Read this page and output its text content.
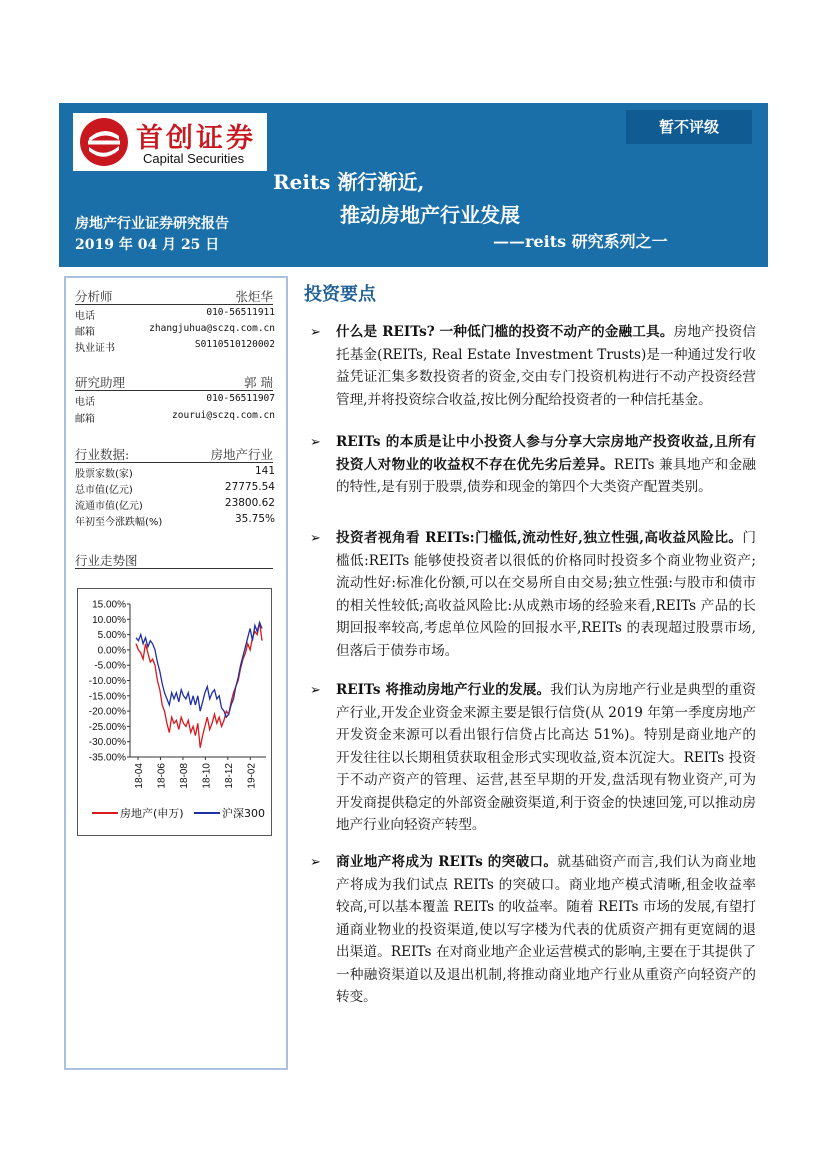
首创证券
Capital Securities
暂不评级
Reits 渐行渐近,
推动房地产行业发展
——reits 研究系列之一
房地产行业证券研究报告
2019 年 04 月 25 日
分析师	张炬华
电话	010-56511911
邮箱	zhangjuhua@sczq.com.cn
执业证书	S0110510120002
研究助理	郭 瑞
电话	010-56511907
邮箱	zourui@sczq.com.cn
行业数据:	房地产行业
股票家数(家)	141
总市值(亿元)	27775.54
流通市值(亿元)	23800.62
年初至今涨跌幅(%)	35.75%
行业走势图
15.00%
10.00%
5.00%
0.00%
-5.00%
-10.00%
-15.00%
-20.00%
-25.00%
-30.00%
-35.00%
18-04 18-06 18-08 18-10 18-12 19-02
房地产(申万)	沪深300
投资要点
➢ 什么是 REITs? 一种低门槛的投资不动产的金融工具。房地产投资信托基金(REITs, Real Estate Investment Trusts)是一种通过发行收益凭证汇集多数投资者的资金,交由专门投资机构进行不动产投资经营管理,并将投资综合收益,按比例分配给投资者的一种信托基金。
➢ REITs 的本质是让中小投资人参与分享大宗房地产投资收益,且所有投资人对物业的收益权不存在优先劣后差异。REITs 兼具地产和金融的特性,是有别于股票,债券和现金的第四个大类资产配置类别。
➢ 投资者视角看 REITs:门槛低,流动性好,独立性强,高收益风险比。门槛低:REITs 能够使投资者以很低的价格同时投资多个商业物业资产;流动性好:标准化份额,可以在交易所自由交易;独立性强:与股市和债市的相关性较低;高收益风险比:从成熟市场的经验来看,REITs 产品的长期回报率较高,考虑单位风险的回报水平,REITs 的表现超过股票市场,但落后于债券市场。
➢ REITs 将推动房地产行业的发展。我们认为房地产行业是典型的重资产行业,开发企业资金来源主要是银行信贷(从 2019 年第一季度房地产开发资金来源可以看出银行信贷占比高达 51%)。特别是商业地产的开发往往以长期租赁获取租金形式实现收益,资本沉淀大。REITs 投资于不动产资产的管理、运营,甚至早期的开发,盘活现有物业资产,可为开发商提供稳定的外部资金融资渠道,利于资金的快速回笼,可以推动房地产行业向轻资产转型。
➢ 商业地产将成为 REITs 的突破口。就基础资产而言,我们认为商业地产将成为我们试点 REITs 的突破口。商业地产模式清晰,租金收益率较高,可以基本覆盖 REITs 的收益率。随着 REITs 市场的发展,有望打通商业物业的投资渠道,使以写字楼为代表的优质资产拥有更宽阔的退出渠道。REITs 在对商业地产企业运营模式的影响,主要在于其提供了一种融资渠道以及退出机制,将推动商业地产行业从重资产向轻资产的转变。
